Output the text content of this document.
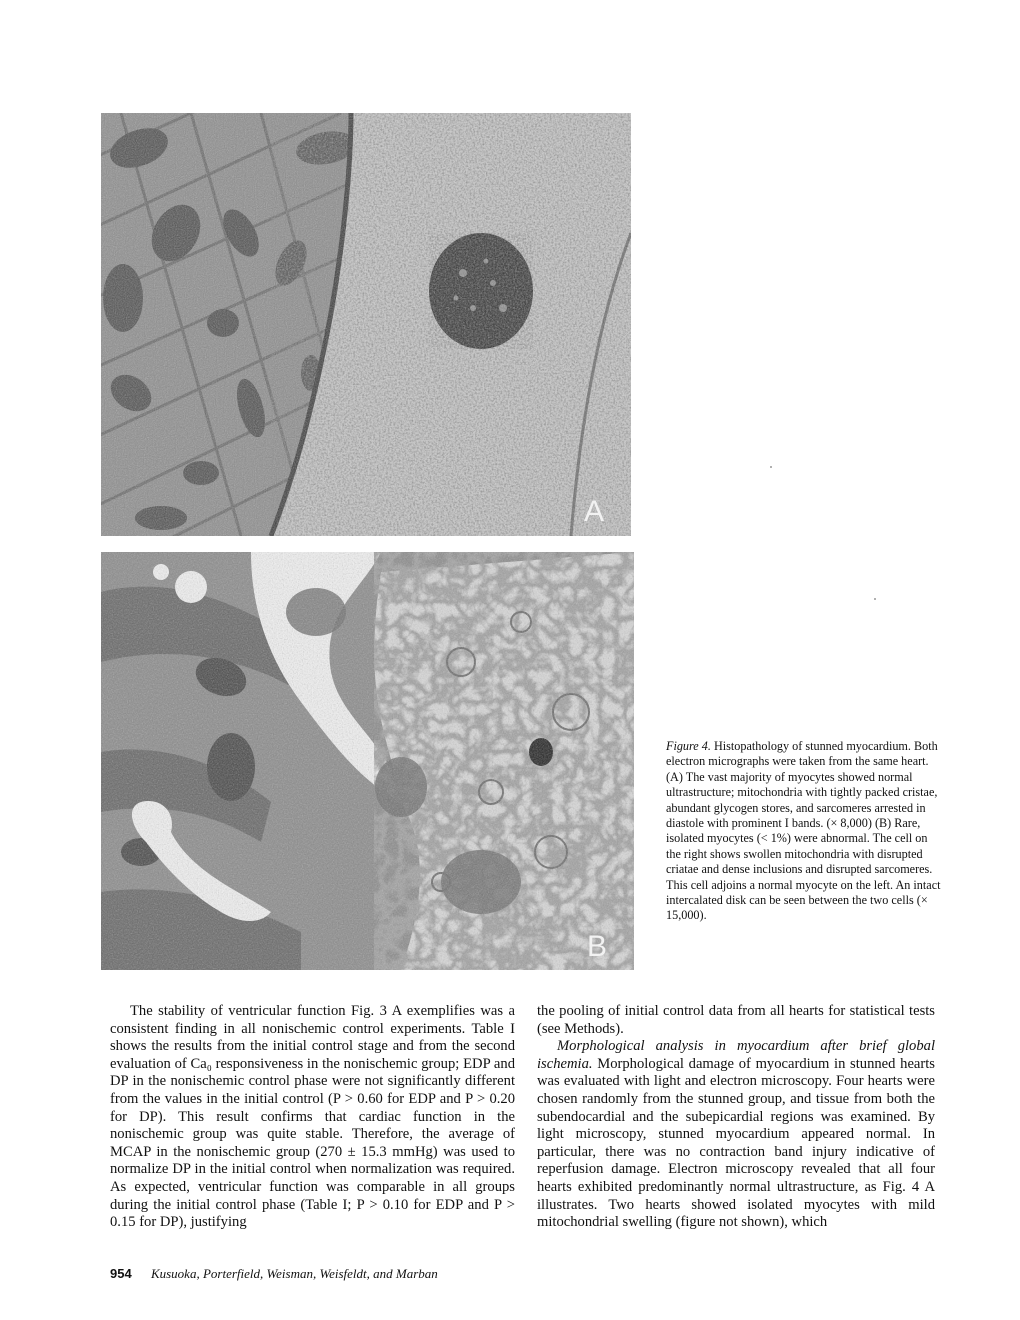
A
B
Figure 4. Histopathology of stunned myocardium. Both electron micrographs were taken from the same heart. (A) The vast majority of myocytes showed normal ultrastructure; mitochondria with tightly packed cristae, abundant glycogen stores, and sarcomeres arrested in diastole with prominent I bands. (× 8,000) (B) Rare, isolated myocytes (< 1%) were abnormal. The cell on the right shows swollen mitochondria with disrupted criatae and dense inclusions and disrupted sarcomeres. This cell adjoins a normal myocyte on the left. An intact intercalated disk can be seen between the two cells (× 15,000).

The stability of ventricular function Fig. 3 A exemplifies was a consistent finding in all nonischemic control experiments. Table I shows the results from the initial control stage and from the second evaluation of Ca₀ responsiveness in the nonischemic group; EDP and DP in the nonischemic control phase were not significantly different from the values in the initial control (P > 0.60 for EDP and P > 0.20 for DP). This result confirms that cardiac function in the nonischemic group was quite stable. Therefore, the average of MCAP in the nonischemic group (270 ± 15.3 mmHg) was used to normalize DP in the initial control when normalization was required. As expected, ventricular function was comparable in all groups during the initial control phase (Table I; P > 0.10 for EDP and P > 0.15 for DP), justifying

the pooling of initial control data from all hearts for statistical tests (see Methods).

Morphological analysis in myocardium after brief global ischemia. Morphological damage of myocardium in stunned hearts was evaluated with light and electron microscopy. Four hearts were chosen randomly from the stunned group, and tissue from both the subendocardial and the subepicardial regions was examined. By light microscopy, stunned myocardium appeared normal. In particular, there was no contraction band injury indicative of reperfusion damage. Electron microscopy revealed that all four hearts exhibited predominantly normal ultrastructure, as Fig. 4 A illustrates. Two hearts showed isolated myocytes with mild mitochondrial swelling (figure not shown), which

954 Kusuoka, Porterfield, Weisman, Weisfeldt, and Marban
